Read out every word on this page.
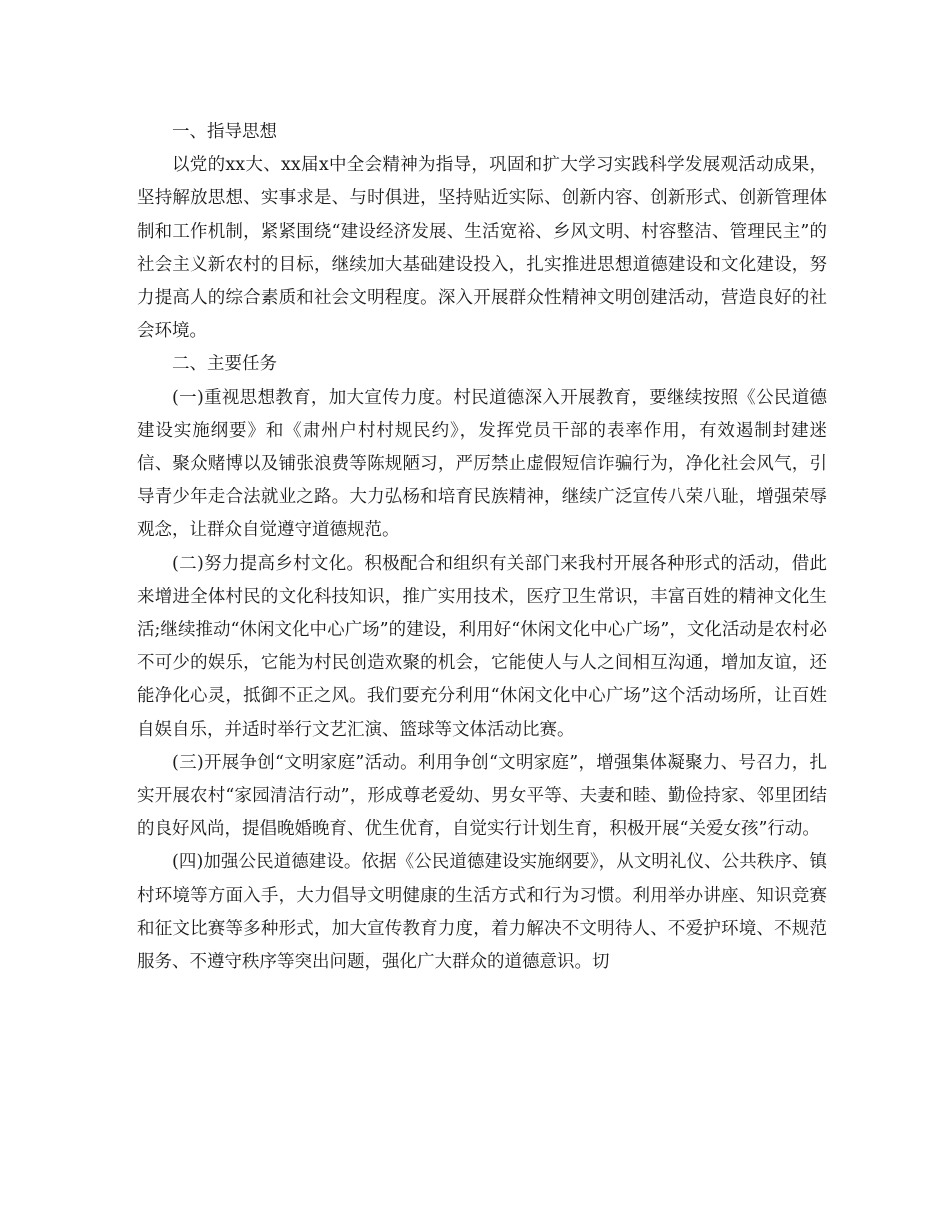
一、指导思想

以党的xx大、xx届x中全会精神为指导，巩固和扩大学习实践科学发展观活动成果，坚持解放思想、实事求是、与时俱进，坚持贴近实际、创新内容、创新形式、创新管理体制和工作机制，紧紧围绕“建设经济发展、生活宽裕、乡风文明、村容整洁、管理民主”的社会主义新农村的目标，继续加大基础建设投入，扎实推进思想道德建设和文化建设，努力提高人的综合素质和社会文明程度。深入开展群众性精神文明创建活动，营造良好的社会环境。

二、主要任务

(一)重视思想教育，加大宣传力度。村民道德深入开展教育，要继续按照《公民道德建设实施纲要》和《肃州户村村规民约》，发挥党员干部的表率作用，有效遏制封建迷信、聚众赌博以及铺张浪费等陈规陋习，严厉禁止虚假短信诈骗行为，净化社会风气，引导青少年走合法就业之路。大力弘杨和培育民族精神，继续广泛宣传八荣八耻，增强荣辱观念，让群众自觉遵守道德规范。

(二)努力提高乡村文化。积极配合和组织有关部门来我村开展各种形式的活动，借此来增进全体村民的文化科技知识，推广实用技术，医疗卫生常识，丰富百姓的精神文化生活;继续推动“休闲文化中心广场”的建设，利用好“休闲文化中心广场”，文化活动是农村必不可少的娱乐，它能为村民创造欢聚的机会，它能使人与人之间相互沟通，增加友谊，还能净化心灵，抵御不正之风。我们要充分利用“休闲文化中心广场”这个活动场所，让百姓自娱自乐，并适时举行文艺汇演、篮球等文体活动比赛。

(三)开展争创“文明家庭”活动。利用争创“文明家庭”，增强集体凝聚力、号召力，扎实开展农村“家园清洁行动”，形成尊老爱幼、男女平等、夫妻和睦、勤俭持家、邻里团结的良好风尚，提倡晚婚晚育、优生优育，自觉实行计划生育，积极开展“关爱女孩”行动。

(四)加强公民道德建设。依据《公民道德建设实施纲要》，从文明礼仪、公共秩序、镇村环境等方面入手，大力倡导文明健康的生活方式和行为习惯。利用举办讲座、知识竞赛和征文比赛等多种形式，加大宣传教育力度，着力解决不文明待人、不爱护环境、不规范服务、不遵守秩序等突出问题，强化广大群众的道德意识。切
